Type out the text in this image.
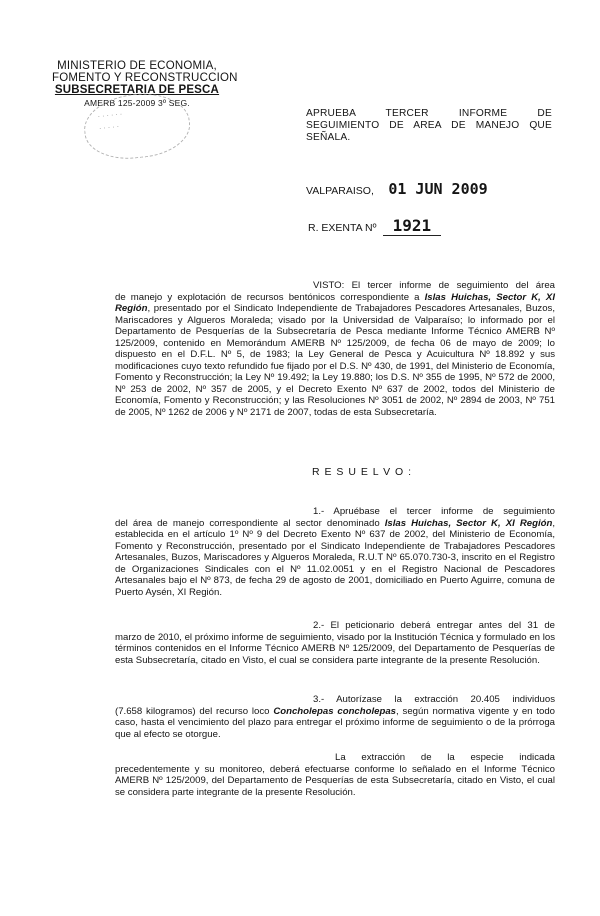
MINISTERIO DE ECONOMIA,
FOMENTO Y RECONSTRUCCION
SUBSECRETARIA DE PESCA
AMERB 125-2009 3º SEG.
· · · · · ·
· · · · ·
APRUEBA TERCER INFORME DE
SEGUIMIENTO DE AREA DE MANEJO QUE
SEÑALA.
VALPARAISO, 01 JUN 2009
R. EXENTA Nº 1921
VISTO: El tercer informe de seguimiento del área
de manejo y explotación de recursos bentónicos correspondiente a Islas Huichas, Sector K, XI Región, presentado por el Sindicato Independiente de Trabajadores Pescadores Artesanales, Buzos, Mariscadores y Algueros Moraleda; visado por la Universidad de Valparaíso; lo informado por el Departamento de Pesquerías de la Subsecretaría de Pesca mediante Informe Técnico AMERB Nº 125/2009, contenido en Memorándum AMERB Nº 125/2009, de fecha 06 de mayo de 2009; lo dispuesto en el D.F.L. Nº 5, de 1983; la Ley General de Pesca y Acuicultura Nº 18.892 y sus modificaciones cuyo texto refundido fue fijado por el D.S. Nº 430, de 1991, del Ministerio de Economía, Fomento y Reconstrucción; la Ley Nº 19.492; la Ley 19.880; los D.S. Nº 355 de 1995, Nº 572 de 2000, Nº 253 de 2002, Nº 357 de 2005, y el Decreto Exento Nº 637 de 2002, todos del Ministerio de Economía, Fomento y Reconstrucción; y las Resoluciones Nº 3051 de 2002, Nº 2894 de 2003, Nº 751 de 2005, Nº 1262 de 2006 y Nº 2171 de 2007, todas de esta Subsecretaría.
R E S U E L V O :
1.- Apruébase el tercer informe de seguimiento
del área de manejo correspondiente al sector denominado Islas Huichas, Sector K, XI Región, establecida en el artículo 1º Nº 9 del Decreto Exento Nº 637 de 2002, del Ministerio de Economía, Fomento y Reconstrucción, presentado por el Sindicato Independiente de Trabajadores Pescadores Artesanales, Buzos, Mariscadores y Algueros Moraleda, R.U.T Nº 65.070.730-3, inscrito en el Registro de Organizaciones Sindicales con el Nº 11.02.0051 y en el Registro Nacional de Pescadores Artesanales bajo el Nº 873, de fecha 29 de agosto de 2001, domiciliado en Puerto Aguirre, comuna de Puerto Aysén, XI Región.
2.- El peticionario deberá entregar antes del 31 de
marzo de 2010, el próximo informe de seguimiento, visado por la Institución Técnica y formulado en los términos contenidos en el Informe Técnico AMERB Nº 125/2009, del Departamento de Pesquerías de esta Subsecretaría, citado en Visto, el cual se considera parte integrante de la presente Resolución.
3.- Autorízase la extracción 20.405 individuos
(7.658 kilogramos) del recurso loco Concholepas concholepas, según normativa vigente y en todo caso, hasta el vencimiento del plazo para entregar el próximo informe de seguimiento o de la prórroga que al efecto se otorgue.
La extracción de la especie indicada
precedentemente y su monitoreo, deberá efectuarse conforme lo señalado en el Informe Técnico AMERB Nº 125/2009, del Departamento de Pesquerías de esta Subsecretaría, citado en Visto, el cual se considera parte integrante de la presente Resolución.
